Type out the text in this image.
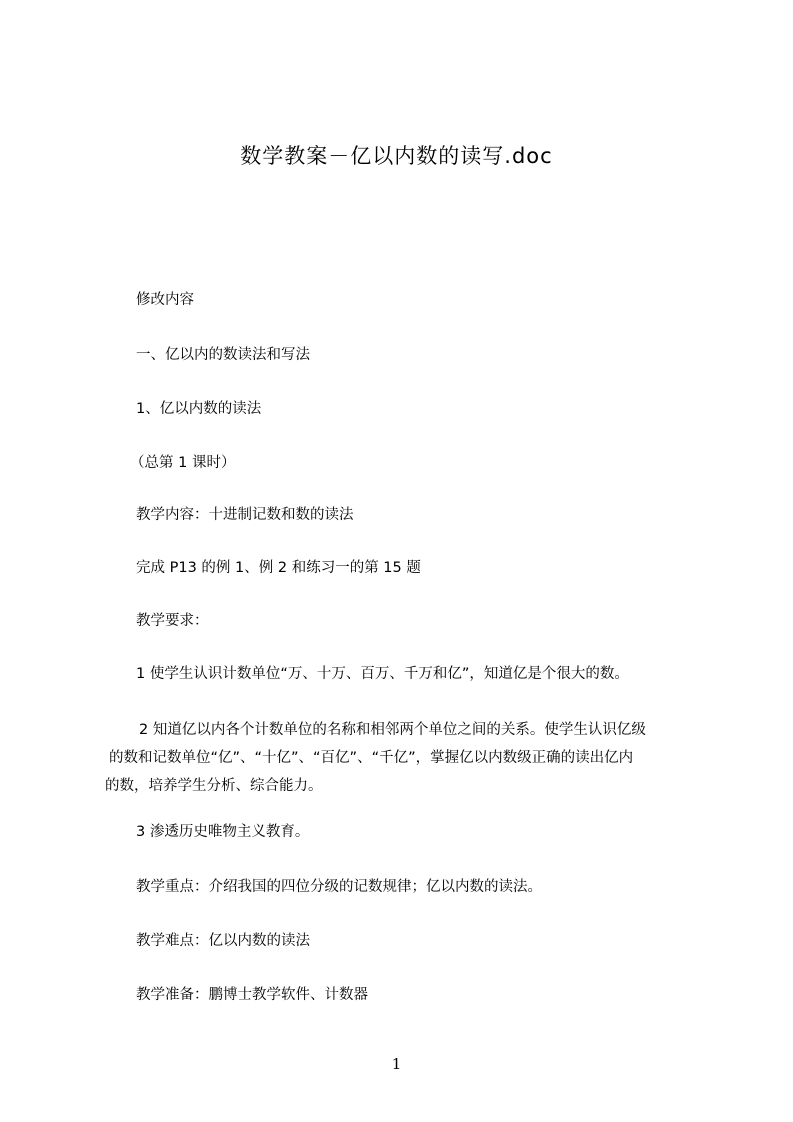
数学教案－亿以内数的读写.doc
修改内容
一、亿以内的数读法和写法
1、亿以内数的读法
（总第 1 课时）
教学内容：十进制记数和数的读法
完成 P13 的例 1、例 2 和练习一的第 15 题
教学要求：
1 使学生认识计数单位“万、十万、百万、千万和亿”，知道亿是个很大的数。
2 知道亿以内各个计数单位的名称和相邻两个单位之间的关系。使学生认识亿级
的数和记数单位“亿”、“十亿”、“百亿”、“千亿”，掌握亿以内数级正确的读出亿内
的数，培养学生分析、综合能力。
3 渗透历史唯物主义教育。
教学重点：介绍我国的四位分级的记数规律；亿以内数的读法。
教学难点：亿以内数的读法
教学准备：鹏博士教学软件、计数器
1
